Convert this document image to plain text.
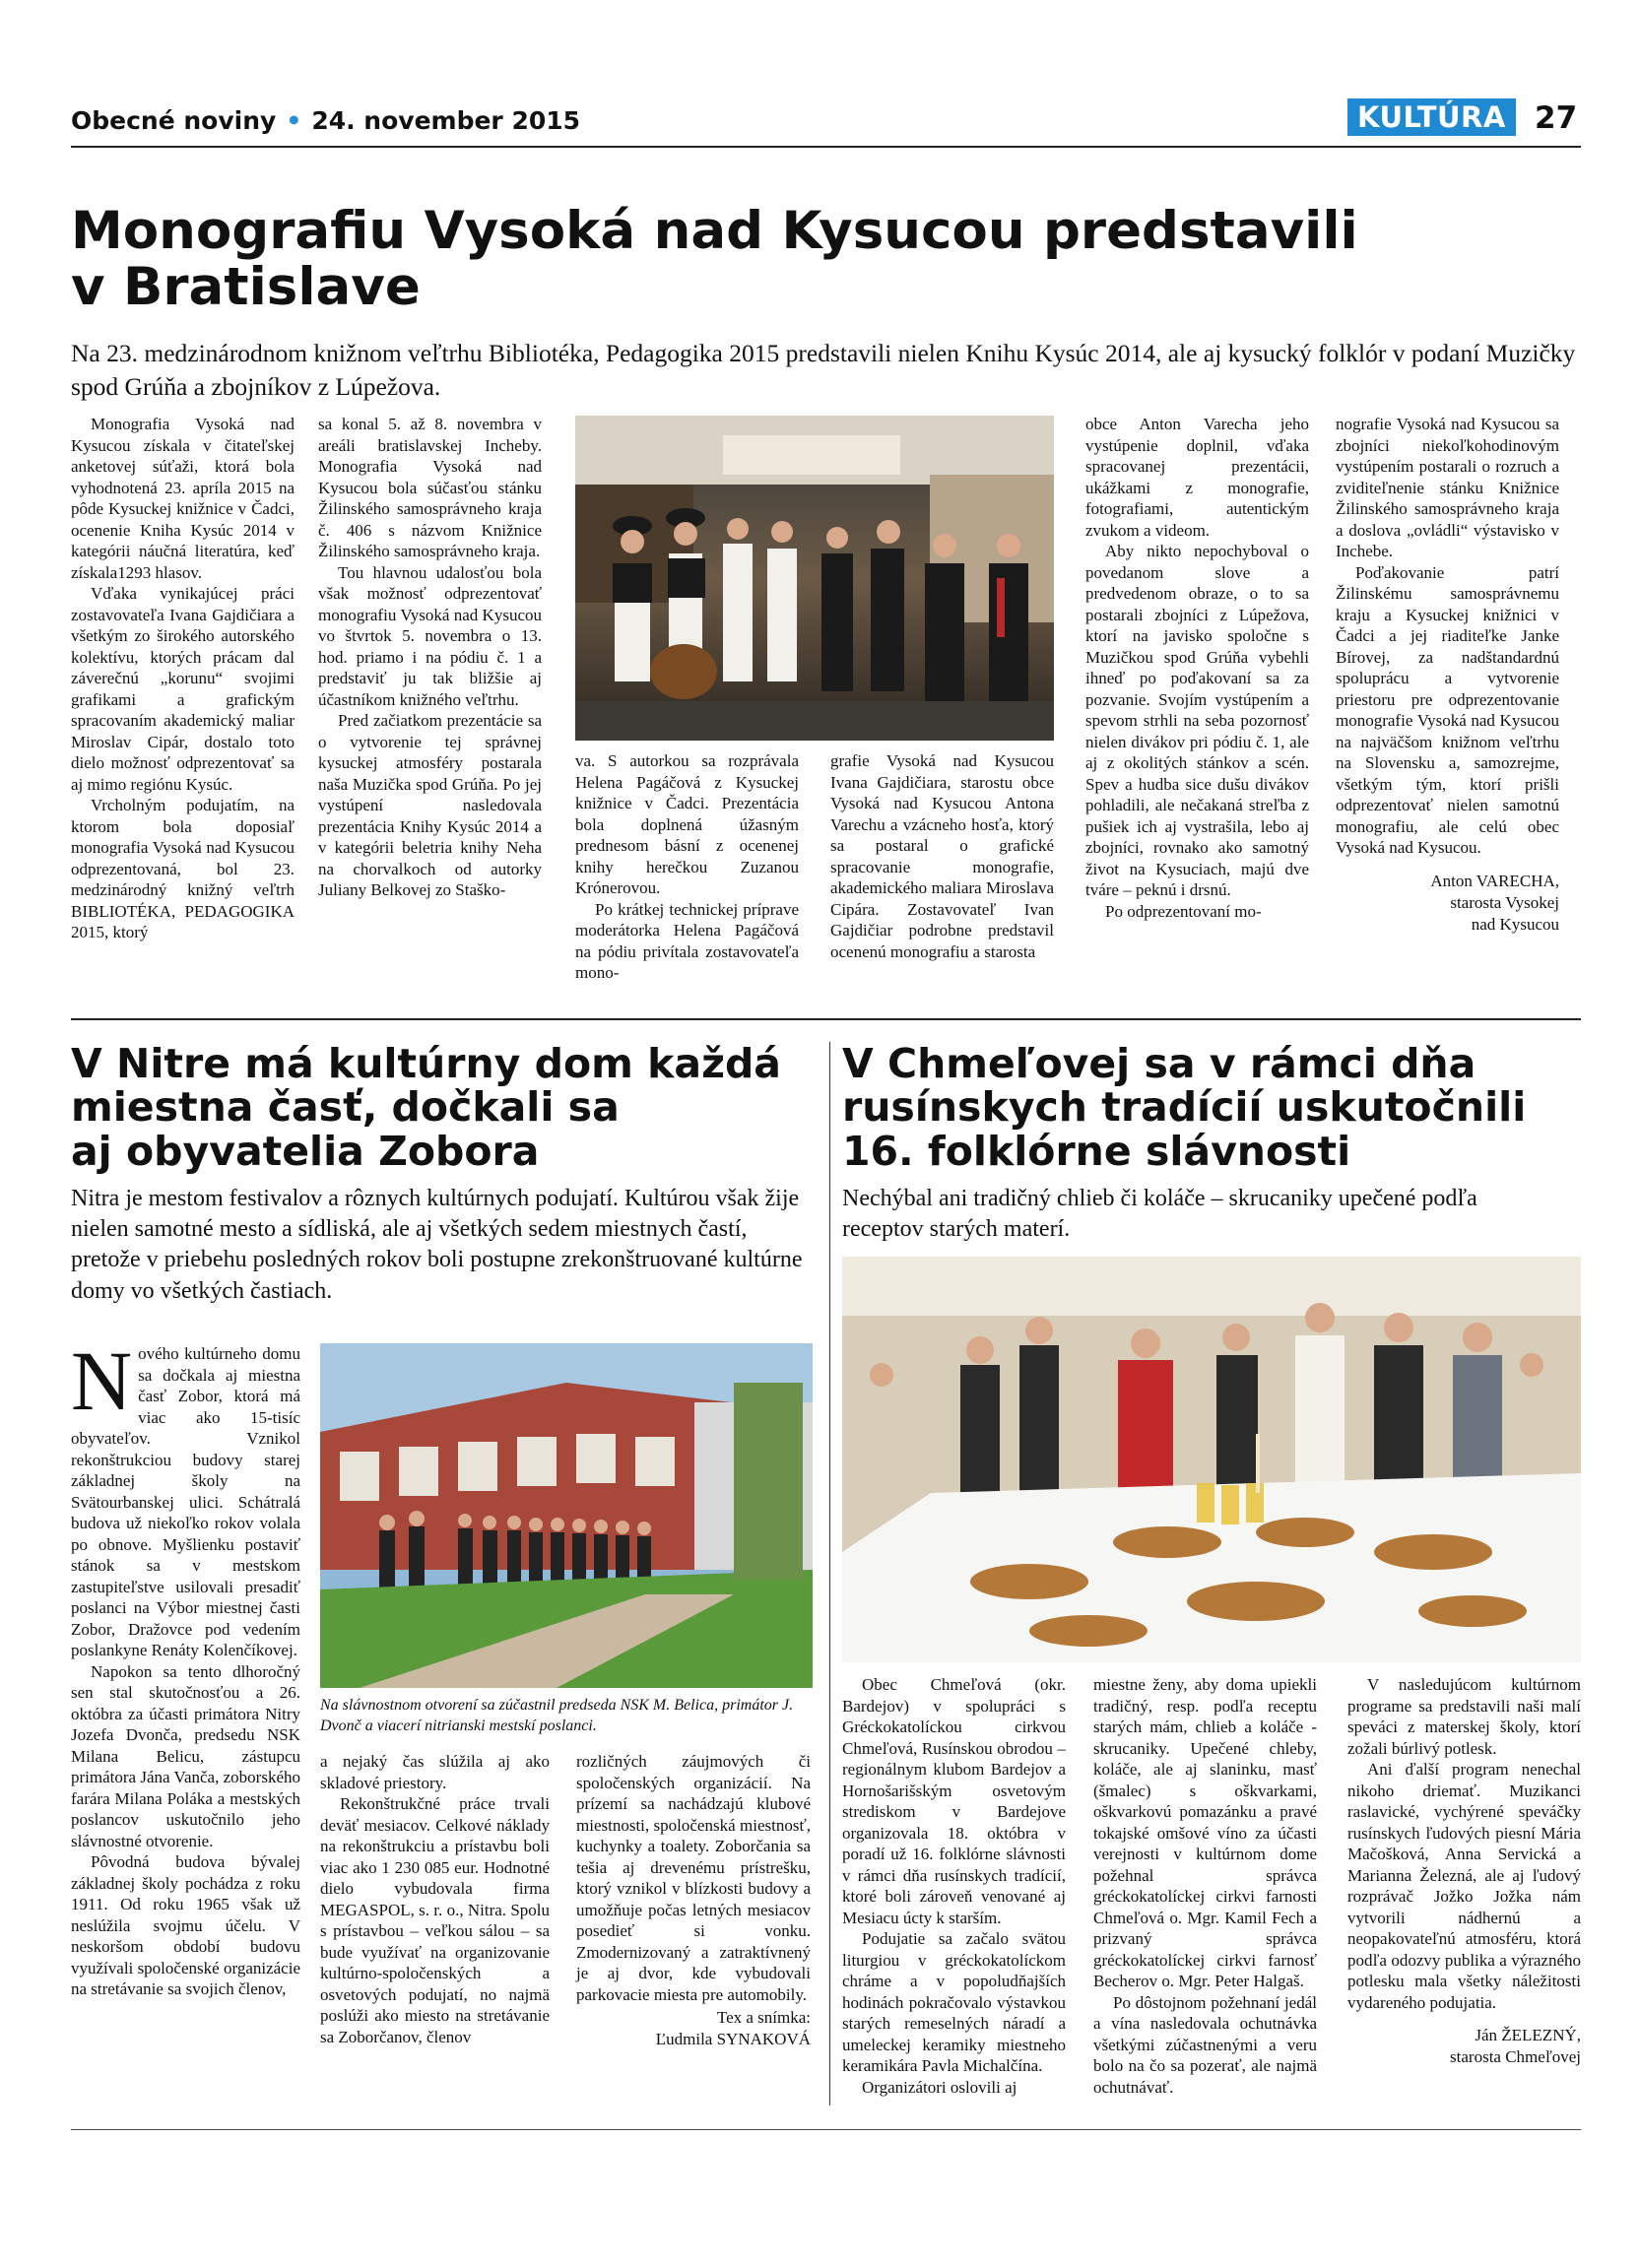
Obecné noviny • 24. november 2015	KULTÚRA 27
Monografiu Vysoká nad Kysucou predstavili
v Bratislave
Na 23. medzinárodnom knižnom veľtrhu Bibliotéka, Pedagogika 2015 predstavili nielen Knihu Kysúc 2014, ale aj kysucký folklór v podaní Muzičky spod Grúňa a zbojníkov z Lúpežova.

Monografia Vysoká nad Kysucou získala v čitateľskej anketovej súťaži, ktorá bola vyhodnotená 23. apríla 2015 na pôde Kysuckej knižnice v Čadci, ocenenie Kniha Kysúc 2014 v kategórii náučná literatúra, keď získala1293 hlasov.

Vďaka vynikajúcej práci zostavovateľa Ivana Gajdičiara a všetkým zo širokého autorského kolektívu, ktorých prácam dal záverečnú „korunu“ svojimi grafikami a grafickým spracovaním akademický maliar Miroslav Cipár, dostalo toto dielo možnosť odprezentovať sa aj mimo regiónu Kysúc.

Vrcholným podujatím, na ktorom bola doposiaľ monografia Vysoká nad Kysucou odprezentovaná, bol 23. medzinárodný knižný veľtrh BIBLIOTÉKA, PEDAGOGIKA 2015, ktorý

sa konal 5. až 8. novembra v areáli bratislavskej Incheby. Monografia Vysoká nad Kysucou bola súčasťou stánku Žilinského samosprávneho kraja č. 406 s názvom Knižnice Žilinského samosprávneho kraja.

Tou hlavnou udalosťou bola však možnosť odprezentovať monografiu Vysoká nad Kysucou vo štvrtok 5. novembra o 13. hod. priamo i na pódiu č. 1 a predstaviť ju tak bližšie aj účastníkom knižného veľtrhu.

Pred začiatkom prezentácie sa o vytvorenie tej správnej kysuckej atmosféry postarala naša Muzička spod Grúňa. Po jej vystúpení nasledovala prezentácia Knihy Kysúc 2014 a v kategórii beletria knihy Neha na chorvalkoch od autorky Juliany Belkovej zo Staško-

va. S autorkou sa rozprávala Helena Pagáčová z Kysuckej knižnice v Čadci. Prezentácia bola doplnená úžasným prednesom básní z ocenenej knihy herečkou Zuzanou Krónerovou.

Po krátkej technickej príprave moderátorka Helena Pagáčová na pódiu privítala zostavovateľa mono-

grafie Vysoká nad Kysucou Ivana Gajdičiara, starostu obce Vysoká nad Kysucou Antona Varechu a vzácneho hosťa, ktorý sa postaral o grafické spracovanie monografie, akademického maliara Miroslava Cipára. Zostavovateľ Ivan Gajdičiar podrobne predstavil ocenenú monografiu a starosta

obce Anton Varecha jeho vystúpenie doplnil, vďaka spracovanej prezentácii, ukážkami z monografie, fotografiami, autentickým zvukom a videom.

Aby nikto nepochyboval o povedanom slove a predvedenom obraze, o to sa postarali zbojníci z Lúpežova, ktorí na javisko spoločne s Muzičkou spod Grúňa vybehli ihneď po poďakovaní sa za pozvanie. Svojím vystúpením a spevom strhli na seba pozornosť nielen divákov pri pódiu č. 1, ale aj z okolitých stánkov a scén. Spev a hudba sice dušu divákov pohladili, ale nečakaná streľba z pušiek ich aj vystrašila, lebo aj zbojníci, rovnako ako samotný život na Kysuciach, majú dve tváre – peknú i drsnú.

Po odprezentovaní mo-

nografie Vysoká nad Kysucou sa zbojníci niekoľkohodinovým vystúpením postarali o rozruch a zviditeľnenie stánku Knižnice Žilinského samosprávneho kraja a doslova „ovládli“ výstavisko v Inchebe.

Poďakovanie patrí Žilinskému samosprávnemu kraju a Kysuckej knižnici v Čadci a jej riaditeľke Janke Bírovej, za nadštandardnú spoluprácu a vytvorenie priestoru pre odprezentovanie monografie Vysoká nad Kysucou na najväčšom knižnom veľtrhu na Slovensku a, samozrejme, všetkým tým, ktorí prišli odprezentovať nielen samotnú monografiu, ale celú obec Vysoká nad Kysucou.

Anton VARECHA,
starosta Vysokej
nad Kysucou
V Nitre má kultúrny dom každá
miestna časť, dočkali sa
aj obyvatelia Zobora
Nitra je mestom festivalov a rôznych kultúrnych podujatí. Kultúrou však žije nielen samotné mesto a sídliská, ale aj všetkých sedem miestnych častí, pretože v priebehu posledných rokov boli postupne zrekonštruované kultúrne domy vo všetkých častiach.

Nového kultúrneho domu sa dočkala aj miestna časť Zobor, ktorá má viac ako 15-tisíc obyvateľov. Vznikol rekonštrukciou budovy starej základnej školy na Svätourbanskej ulici. Schátralá budova už niekoľko rokov volala po obnove. Myšlienku postaviť stánok sa v mestskom zastupiteľstve usilovali presadiť poslanci na Výbor miestnej časti Zobor, Dražovce pod vedením poslankyne Renáty Kolenčíkovej.

Napokon sa tento dlhoročný sen stal skutočnosťou a 26. októbra za účasti primátora Nitry Jozefa Dvonča, predsedu NSK Milana Belicu, zástupcu primátora Jána Vanča, zoborského farára Milana Poláka a mestských poslancov uskutočnilo jeho slávnostné otvorenie.

Pôvodná budova bývalej základnej školy pochádza z roku 1911. Od roku 1965 však už neslúžila svojmu účelu. V neskoršom období budovu využívali spoločenské organizácie na stretávanie sa svojich členov,

Na slávnostnom otvorení sa zúčastnil predseda NSK M. Belica, primátor J. Dvonč a viacerí nitrianski mestskí poslanci.

a nejaký čas slúžila aj ako skladové priestory.

Rekonštrukčné práce trvali deväť mesiacov. Celkové náklady na rekonštrukciu a prístavbu boli viac ako 1 230 085 eur. Hodnotné dielo vybudovala firma MEGASPOL, s. r. o., Nitra. Spolu s prístavbou – veľkou sálou – sa bude využívať na organizovanie kultúrno-spoločenských a osvetových podujatí, no najmä poslúži ako miesto na stretávanie sa Zoborčanov, členov

rozličných záujmových či spoločenských organizácií. Na prízemí sa nachádzajú klubové miestnosti, spoločenská miestnosť, kuchynky a toalety. Zoborčania sa tešia aj drevenému prístrešku, ktorý vznikol v blízkosti budovy a umožňuje počas letných mesiacov posedieť si vonku. Zmodernizovaný a zatraktívnený je aj dvor, kde vybudovali parkovacie miesta pre automobily.

Tex a snímka:
Ľudmila SYNAKOVÁ
V Chmeľovej sa v rámci dňa
rusínskych tradícií uskutočnili
16. folklórne slávnosti
Nechýbal ani tradičný chlieb či koláče – skrucaniky upečené podľa receptov starých materí.

Obec Chmeľová (okr. Bardejov) v spolupráci s Gréckokatolíckou cirkvou Chmeľová, Rusínskou obrodou – regionálnym klubom Bardejov a Hornošarišským osvetovým strediskom v Bardejove organizovala 18. októbra v poradí už 16. folklórne slávnosti v rámci dňa rusínskych tradícií, ktoré boli zároveň venované aj Mesiacu úcty k starším.

Podujatie sa začalo svätou liturgiou v gréckokatolíckom chráme a v popoludňajších hodinách pokračovalo výstavkou starých remeselných náradí a umeleckej keramiky miestneho keramikára Pavla Michalčína.

Organizátori oslovili aj

miestne ženy, aby doma upiekli tradičný, resp. podľa receptu starých mám, chlieb a koláče - skrucaniky. Upečené chleby, koláče, ale aj slaninku, masť (šmalec) s oškvarkami, oškvarkovú pomazánku a pravé tokajské omšové víno za účasti verejnosti v kultúrnom dome požehnal správca gréckokatolíckej cirkvi farnosti Chmeľová o. Mgr. Kamil Fech a prizvaný správca gréckokatolíckej cirkvi farnosť Becherov o. Mgr. Peter Halgaš.

Po dôstojnom požehnaní jedál a vína nasledovala ochutnávka všetkými zúčastnenými a veru bolo na čo sa pozerať, ale najmä ochutnávať.

V nasledujúcom kultúrnom programe sa predstavili naši malí speváci z materskej školy, ktorí zožali búrlivý potlesk.

Ani ďalší program nenechal nikoho driemať. Muzikanci raslavické, vychýrené speváčky rusínskych ľudových piesní Mária Mačošková, Anna Servická a Marianna Železná, ale aj ľudový rozprávač Jožko Jožka nám vytvorili nádhernú a neopakovateľnú atmosféru, ktorá podľa odozvy publika a výrazného potlesku mala všetky náležitosti vydareného podujatia.

Ján ŽELEZNÝ,
starosta Chmeľovej
